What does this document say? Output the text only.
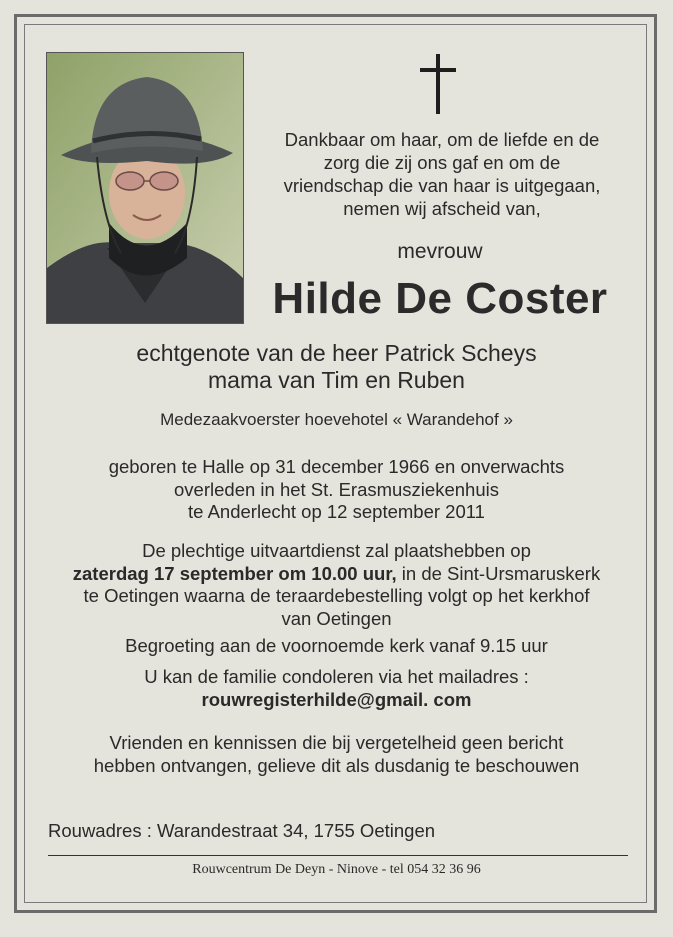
Dankbaar om haar, om de liefde en de
zorg die zij ons gaf en om de
vriendschap die van haar is uitgegaan,
nemen wij afscheid van,
mevrouw
Hilde De Coster
echtgenote van de heer Patrick Scheys
mama van Tim en Ruben
Medezaakvoerster hoevehotel « Warandehof »
geboren te Halle op 31 december 1966 en onverwachts
overleden in het St. Erasmusziekenhuis
te Anderlecht op 12 september 2011
De plechtige uitvaartdienst zal plaatshebben op
zaterdag 17 september om 10.00 uur, in de Sint-Ursmaruskerk
te Oetingen waarna de teraardebestelling volgt op het kerkhof
van Oetingen
Begroeting aan de voornoemde kerk vanaf 9.15 uur
U kan de familie condoleren via het mailadres :
rouwregisterhilde@gmail. com
Vrienden en kennissen die bij vergetelheid geen bericht
hebben ontvangen, gelieve dit als dusdanig te beschouwen
Rouwadres : Warandestraat 34, 1755 Oetingen
Rouwcentrum De Deyn - Ninove - tel 054 32 36 96
